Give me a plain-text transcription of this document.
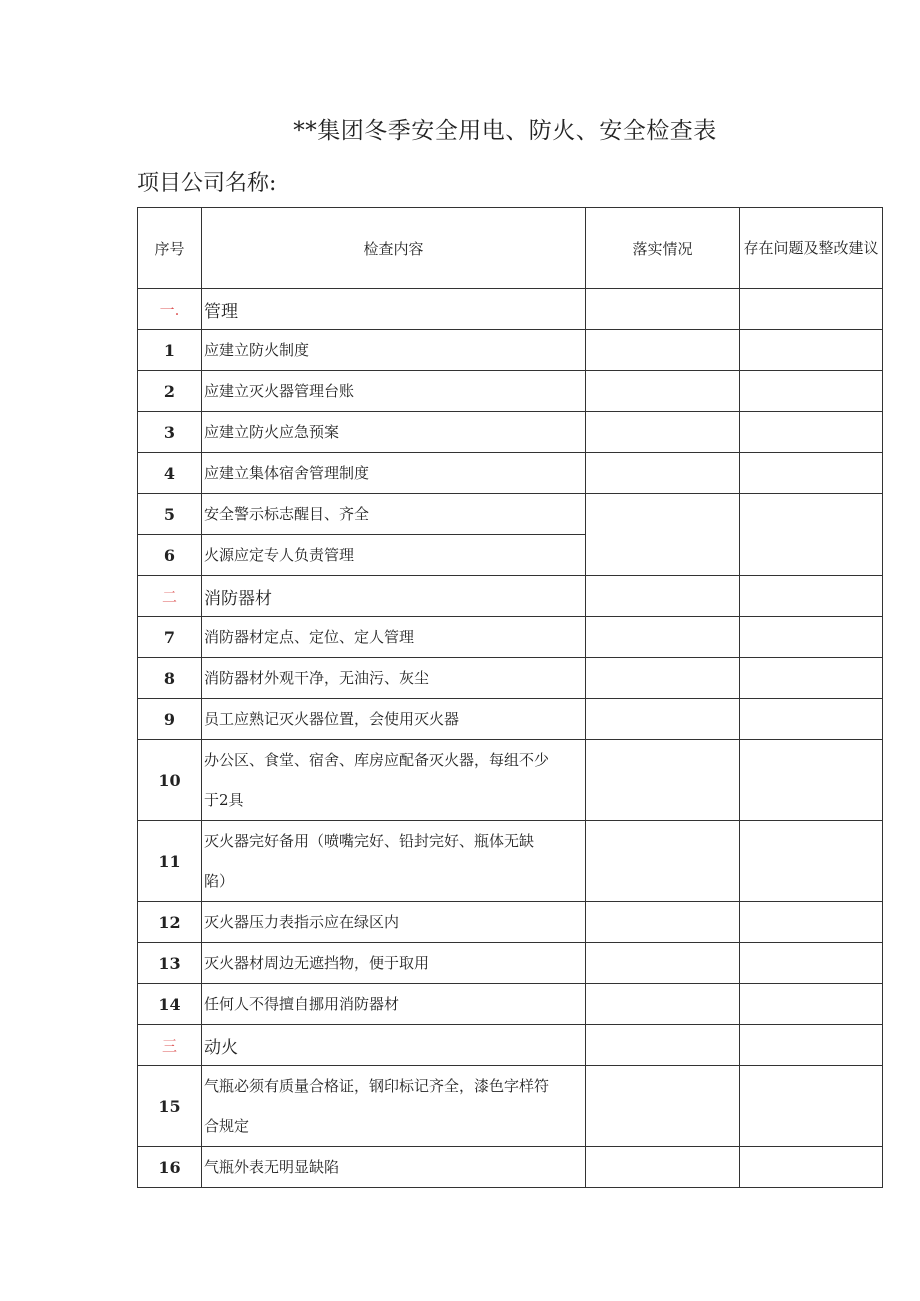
**集团冬季安全用电、防火、安全检查表
项目公司名称:
序号	检查内容	落实情况	存在问题及整改建议
一.	管理		
1	应建立防火制度		
2	应建立灭火器管理台账		
3	应建立防火应急预案		
4	应建立集体宿舍管理制度		
5	安全警示标志醒目、齐全		
6	火源应定专人负责管理		
二	消防器材		
7	消防器材定点、定位、定人管理		
8	消防器材外观干净，无油污、灰尘		
9	员工应熟记灭火器位置，会使用灭火器		
10	办公区、食堂、宿舍、库房应配备灭火器，每组不少于2具		
11	灭火器完好备用（喷嘴完好、铅封完好、瓶体无缺陷）		
12	灭火器压力表指示应在绿区内		
13	灭火器材周边无遮挡物，便于取用		
14	任何人不得擅自挪用消防器材		
三	动火		
15	气瓶必须有质量合格证，钢印标记齐全，漆色字样符合规定		
16	气瓶外表无明显缺陷		
